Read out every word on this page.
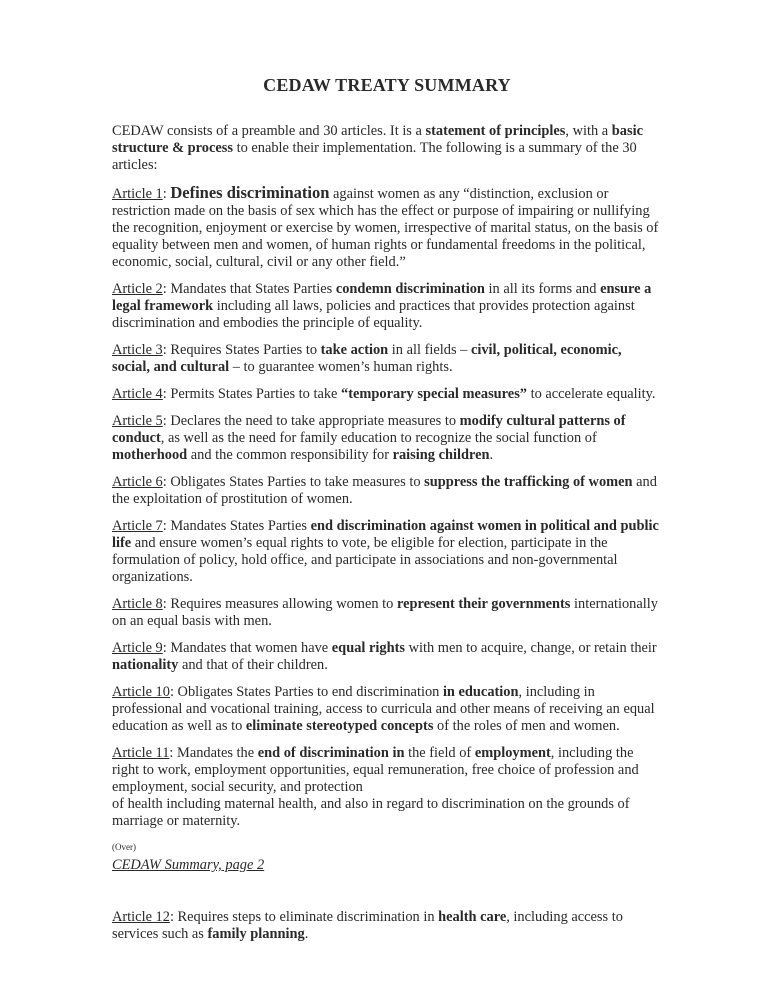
CEDAW TREATY SUMMARY

CEDAW consists of a preamble and 30 articles. It is a statement of principles, with a basic structure & process to enable their implementation. The following is a summary of the 30 articles:

Article 1: Defines discrimination against women as any “distinction, exclusion or restriction made on the basis of sex which has the effect or purpose of impairing or nullifying the recognition, enjoyment or exercise by women, irrespective of marital status, on the basis of equality between men and women, of human rights or fundamental freedoms in the political, economic, social, cultural, civil or any other field.”

Article 2: Mandates that States Parties condemn discrimination in all its forms and ensure a legal framework including all laws, policies and practices that provides protection against discrimination and embodies the principle of equality.

Article 3: Requires States Parties to take action in all fields – civil, political, economic, social, and cultural – to guarantee women’s human rights.

Article 4: Permits States Parties to take “temporary special measures” to accelerate equality.

Article 5: Declares the need to take appropriate measures to modify cultural patterns of conduct, as well as the need for family education to recognize the social function of motherhood and the common responsibility for raising children.

Article 6: Obligates States Parties to take measures to suppress the trafficking of women and the exploitation of prostitution of women.

Article 7: Mandates States Parties end discrimination against women in political and public life and ensure women’s equal rights to vote, be eligible for election, participate in the formulation of policy, hold office, and participate in associations and non-governmental organizations.

Article 8: Requires measures allowing women to represent their governments internationally on an equal basis with men.

Article 9: Mandates that women have equal rights with men to acquire, change, or retain their nationality and that of their children.

Article 10: Obligates States Parties to end discrimination in education, including in professional and vocational training, access to curricula and other means of receiving an equal education as well as to eliminate stereotyped concepts of the roles of men and women.

Article 11: Mandates the end of discrimination in the field of employment, including the right to work, employment opportunities, equal remuneration, free choice of profession and employment, social security, and protection
of health including maternal health, and also in regard to discrimination on the grounds of marriage or maternity.

(Over)

CEDAW Summary, page 2

Article 12: Requires steps to eliminate discrimination in health care, including access to services such as family planning.
